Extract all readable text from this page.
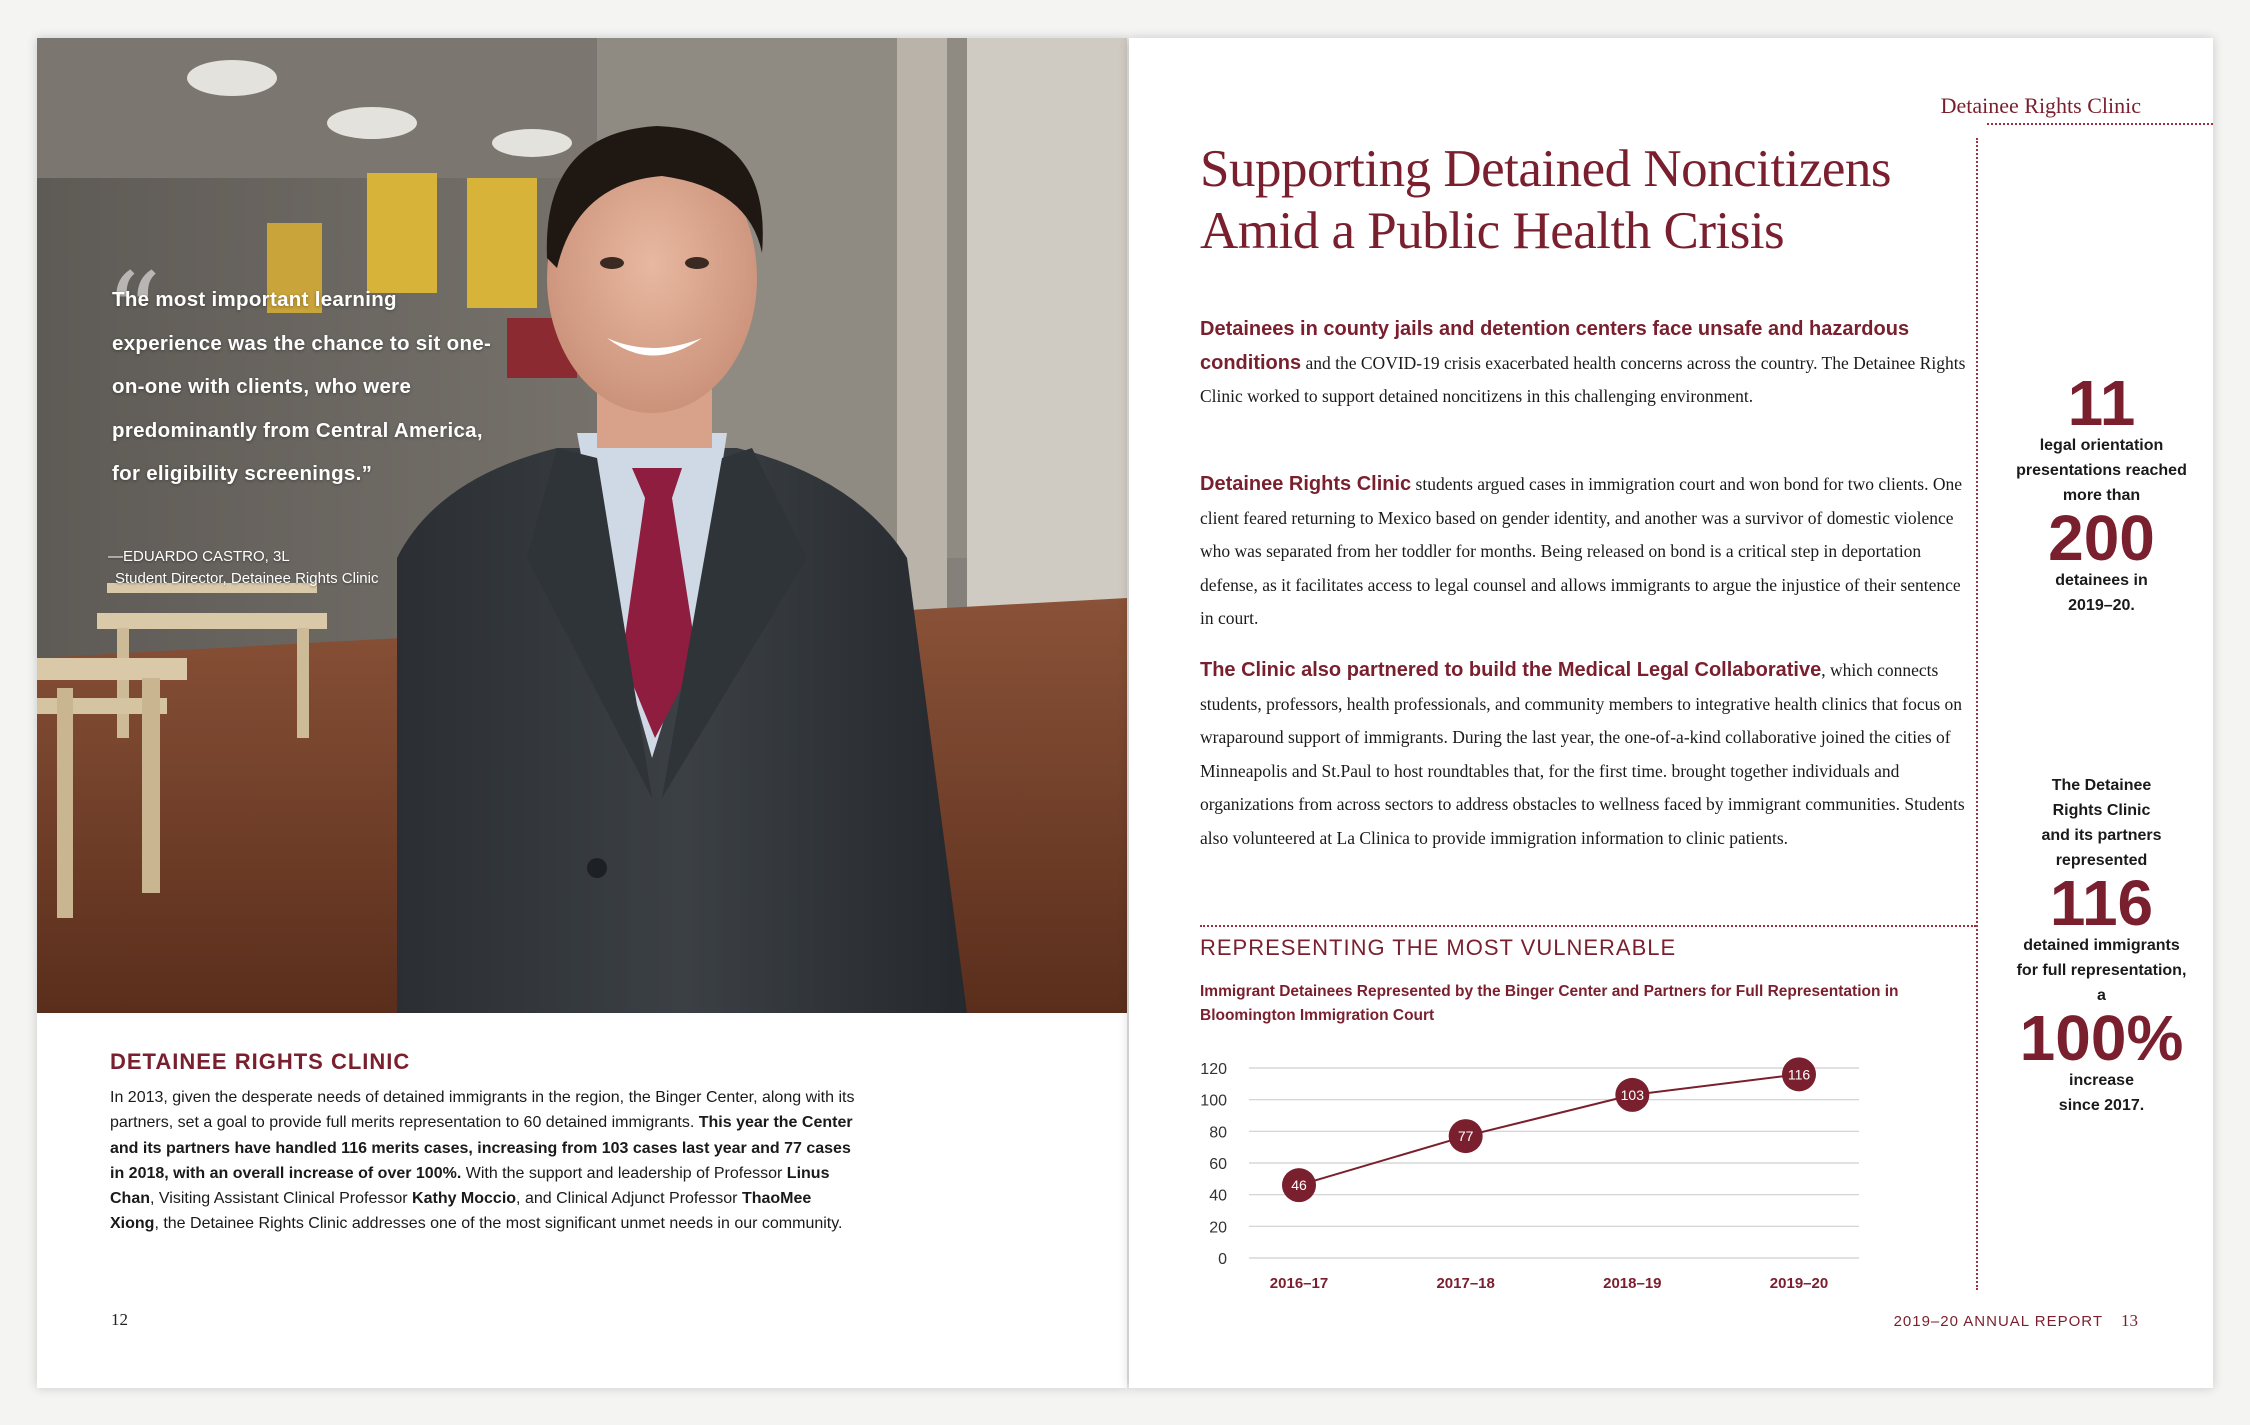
“
The most important learning experience was the chance to sit one-on-one with clients, who were predominantly from Central America, for eligibility screenings.”
—EDUARDO CASTRO, 3L
Student Director, Detainee Rights Clinic
DETAINEE RIGHTS CLINIC
In 2013, given the desperate needs of detained immigrants in the region, the Binger Center, along with its partners, set a goal to provide full merits representation to 60 detained immigrants. This year the Center and its partners have handled 116 merits cases, increasing from 103 cases last year and 77 cases in 2018, with an overall increase of over 100%. With the support and leadership of Professor Linus Chan, Visiting Assistant Clinical Professor Kathy Moccio, and Clinical Adjunct Professor ThaoMee Xiong, the Detainee Rights Clinic addresses one of the most significant unmet needs in our community.
12
Detainee Rights Clinic
Supporting Detained Noncitizens Amid a Public Health Crisis
Detainees in county jails and detention centers face unsafe and hazardous conditions and the COVID-19 crisis exacerbated health concerns across the country. The Detainee Rights Clinic worked to support detained noncitizens in this challenging environment.
Detainee Rights Clinic students argued cases in immigration court and won bond for two clients. One client feared returning to Mexico based on gender identity, and another was a survivor of domestic violence who was separated from her toddler for months. Being released on bond is a critical step in deportation defense, as it facilitates access to legal counsel and allows immigrants to argue the injustice of their sentence in court.
The Clinic also partnered to build the Medical Legal Collaborative, which connects students, professors, health professionals, and community members to integrative health clinics that focus on wraparound support of immigrants. During the last year, the one-of-a-kind collaborative joined the cities of Minneapolis and St.Paul to host roundtables that, for the first time. brought together individuals and organizations from across sectors to address obstacles to wellness faced by immigrant communities. Students also volunteered at La Clinica to provide immigration information to clinic patients.
REPRESENTING THE MOST VULNERABLE
Immigrant Detainees Represented by the Binger Center and Partners for Full Representation in Bloomington Immigration Court
0
20
40
60
80
100
120
2016–17	2017–18	2018–19	2019–20
46
77
103
116
2019–20 ANNUAL REPORT 13
11
legal orientation presentations reached more than
200
detainees in 2019–20.
The Detainee Rights Clinic and its partners represented
116
detained immigrants for full representation, a
100%
increase since 2017.
